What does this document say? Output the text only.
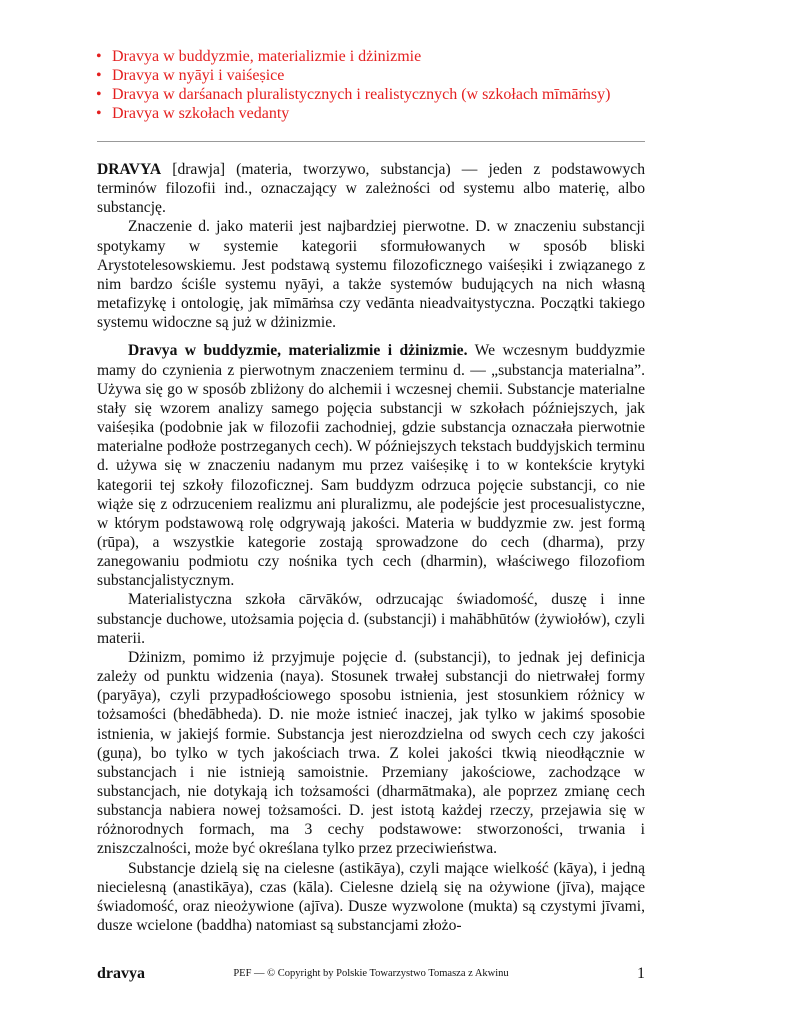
• Dravya w buddyzmie, materializmie i dżinizmie
• Dravya w nyāyi i vaiśeṣice
• Dravya w darśanach pluralistycznych i realistycznych (w szkołach mīmāṁsy)
• Dravya w szkołach vedanty

DRAVYA [drawja] (materia, tworzywo, substancja) — jeden z podstawowych terminów filozofii ind., oznaczający w zależności od systemu albo materię, albo substancję.

Znaczenie d. jako materii jest najbardziej pierwotne. D. w znaczeniu substancji spotykamy w systemie kategorii sformułowanych w sposób bliski Arystotelesowskiemu. Jest podstawą systemu filozoficznego vaiśeṣiki i związanego z nim bardzo ściśle systemu nyāyi, a także systemów budujących na nich własną metafizykę i ontologię, jak mīmāṁsa czy vedānta nieadvaitystyczna. Początki takiego systemu widoczne są już w dżinizmie.

Dravya w buddyzmie, materializmie i dżinizmie. We wczesnym buddyzmie mamy do czynienia z pierwotnym znaczeniem terminu d. — „substancja materialna”. Używa się go w sposób zbliżony do alchemii i wczesnej chemii. Substancje materialne stały się wzorem analizy samego pojęcia substancji w szkołach późniejszych, jak vaiśeṣika (podobnie jak w filozofii zachodniej, gdzie substancja oznaczała pierwotnie materialne podłoże postrzeganych cech). W późniejszych tekstach buddyjskich terminu d. używa się w znaczeniu nadanym mu przez vaiśeṣikę i to w kontekście krytyki kategorii tej szkoły filozoficznej. Sam buddyzm odrzuca pojęcie substancji, co nie wiąże się z odrzuceniem realizmu ani pluralizmu, ale podejście jest procesualistyczne, w którym podstawową rolę odgrywają jakości. Materia w buddyzmie zw. jest formą (rūpa), a wszystkie kategorie zostają sprowadzone do cech (dharma), przy zanegowaniu podmiotu czy nośnika tych cech (dharmin), właściwego filozofiom substancjalistycznym.

Materialistyczna szkoła cārvāków, odrzucając świadomość, duszę i inne substancje duchowe, utożsamia pojęcia d. (substancji) i mahābhūtów (żywiołów), czyli materii.

Dżinizm, pomimo iż przyjmuje pojęcie d. (substancji), to jednak jej definicja zależy od punktu widzenia (naya). Stosunek trwałej substancji do nietrwałej formy (paryāya), czyli przypadłościowego sposobu istnienia, jest stosunkiem różnicy w tożsamości (bhedābheda). D. nie może istnieć inaczej, jak tylko w jakimś sposobie istnienia, w jakiejś formie. Substancja jest nierozdzielna od swych cech czy jakości (guṇa), bo tylko w tych jakościach trwa. Z kolei jakości tkwią nieodłącznie w substancjach i nie istnieją samoistnie. Przemiany jakościowe, zachodzące w substancjach, nie dotykają ich tożsamości (dharmātmaka), ale poprzez zmianę cech substancja nabiera nowej tożsamości. D. jest istotą każdej rzeczy, przejawia się w różnorodnych formach, ma 3 cechy podstawowe: stworzoności, trwania i zniszczalności, może być określana tylko przez przeciwieństwa.

Substancje dzielą się na cielesne (astikāya), czyli mające wielkość (kāya), i jedną niecielesną (anastikāya), czas (kāla). Cielesne dzielą się na ożywione (jīva), mające świadomość, oraz nieożywione (ajīva). Dusze wyzwolone (mukta) są czystymi jīvami, dusze wcielone (baddha) natomiast są substancjami złożo-

dravya	PEF — © Copyright by Polskie Towarzystwo Tomasza z Akwinu	1
